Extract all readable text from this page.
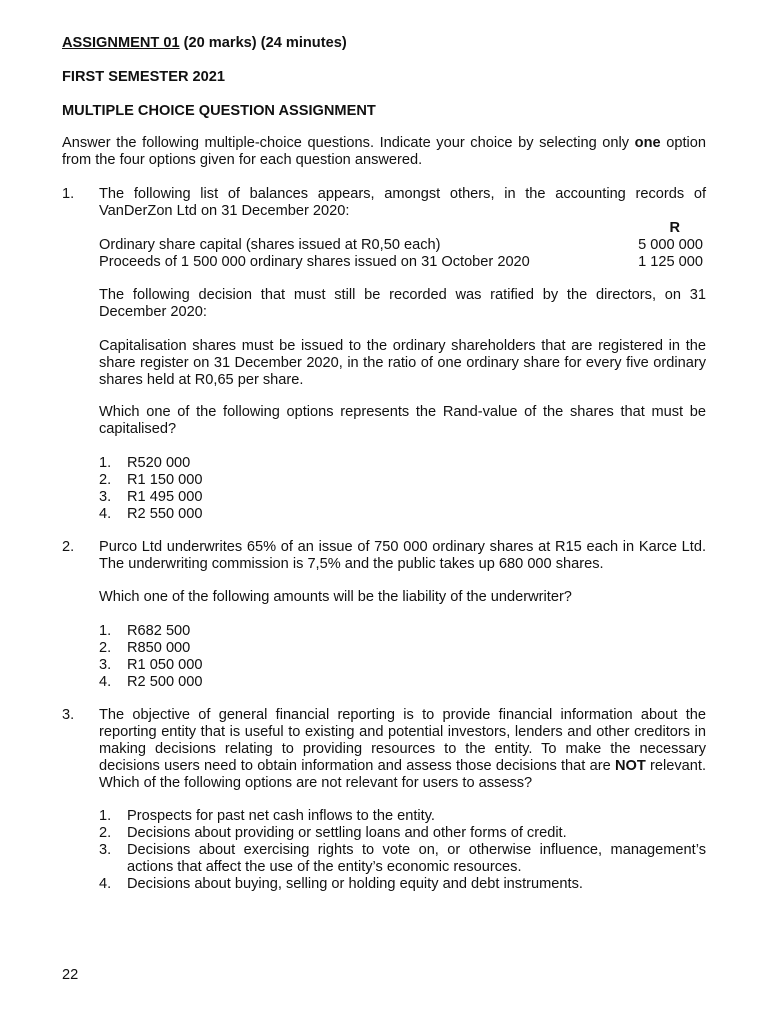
ASSIGNMENT 01 (20 marks) (24 minutes)
FIRST SEMESTER 2021
MULTIPLE CHOICE QUESTION ASSIGNMENT
Answer the following multiple-choice questions. Indicate your choice by selecting only one option from the four options given for each question answered.
1. The following list of balances appears, amongst others, in the accounting records of VanDerZon Ltd on 31 December 2020:
R
Ordinary share capital (shares issued at R0,50 each)	5 000 000
Proceeds of 1 500 000 ordinary shares issued on 31 October 2020	1 125 000
The following decision that must still be recorded was ratified by the directors, on 31 December 2020:
Capitalisation shares must be issued to the ordinary shareholders that are registered in the share register on 31 December 2020, in the ratio of one ordinary share for every five ordinary shares held at R0,65 per share.
Which one of the following options represents the Rand-value of the shares that must be capitalised?
1. R520 000
2. R1 150 000
3. R1 495 000
4. R2 550 000
2. Purco Ltd underwrites 65% of an issue of 750 000 ordinary shares at R15 each in Karce Ltd. The underwriting commission is 7,5% and the public takes up 680 000 shares.
Which one of the following amounts will be the liability of the underwriter?
1. R682 500
2. R850 000
3. R1 050 000
4. R2 500 000
3. The objective of general financial reporting is to provide financial information about the reporting entity that is useful to existing and potential investors, lenders and other creditors in making decisions relating to providing resources to the entity. To make the necessary decisions users need to obtain information and assess those decisions that are NOT relevant. Which of the following options are not relevant for users to assess?
1. Prospects for past net cash inflows to the entity.
2. Decisions about providing or settling loans and other forms of credit.
3. Decisions about exercising rights to vote on, or otherwise influence, management’s actions that affect the use of the entity’s economic resources.
4. Decisions about buying, selling or holding equity and debt instruments.
22
